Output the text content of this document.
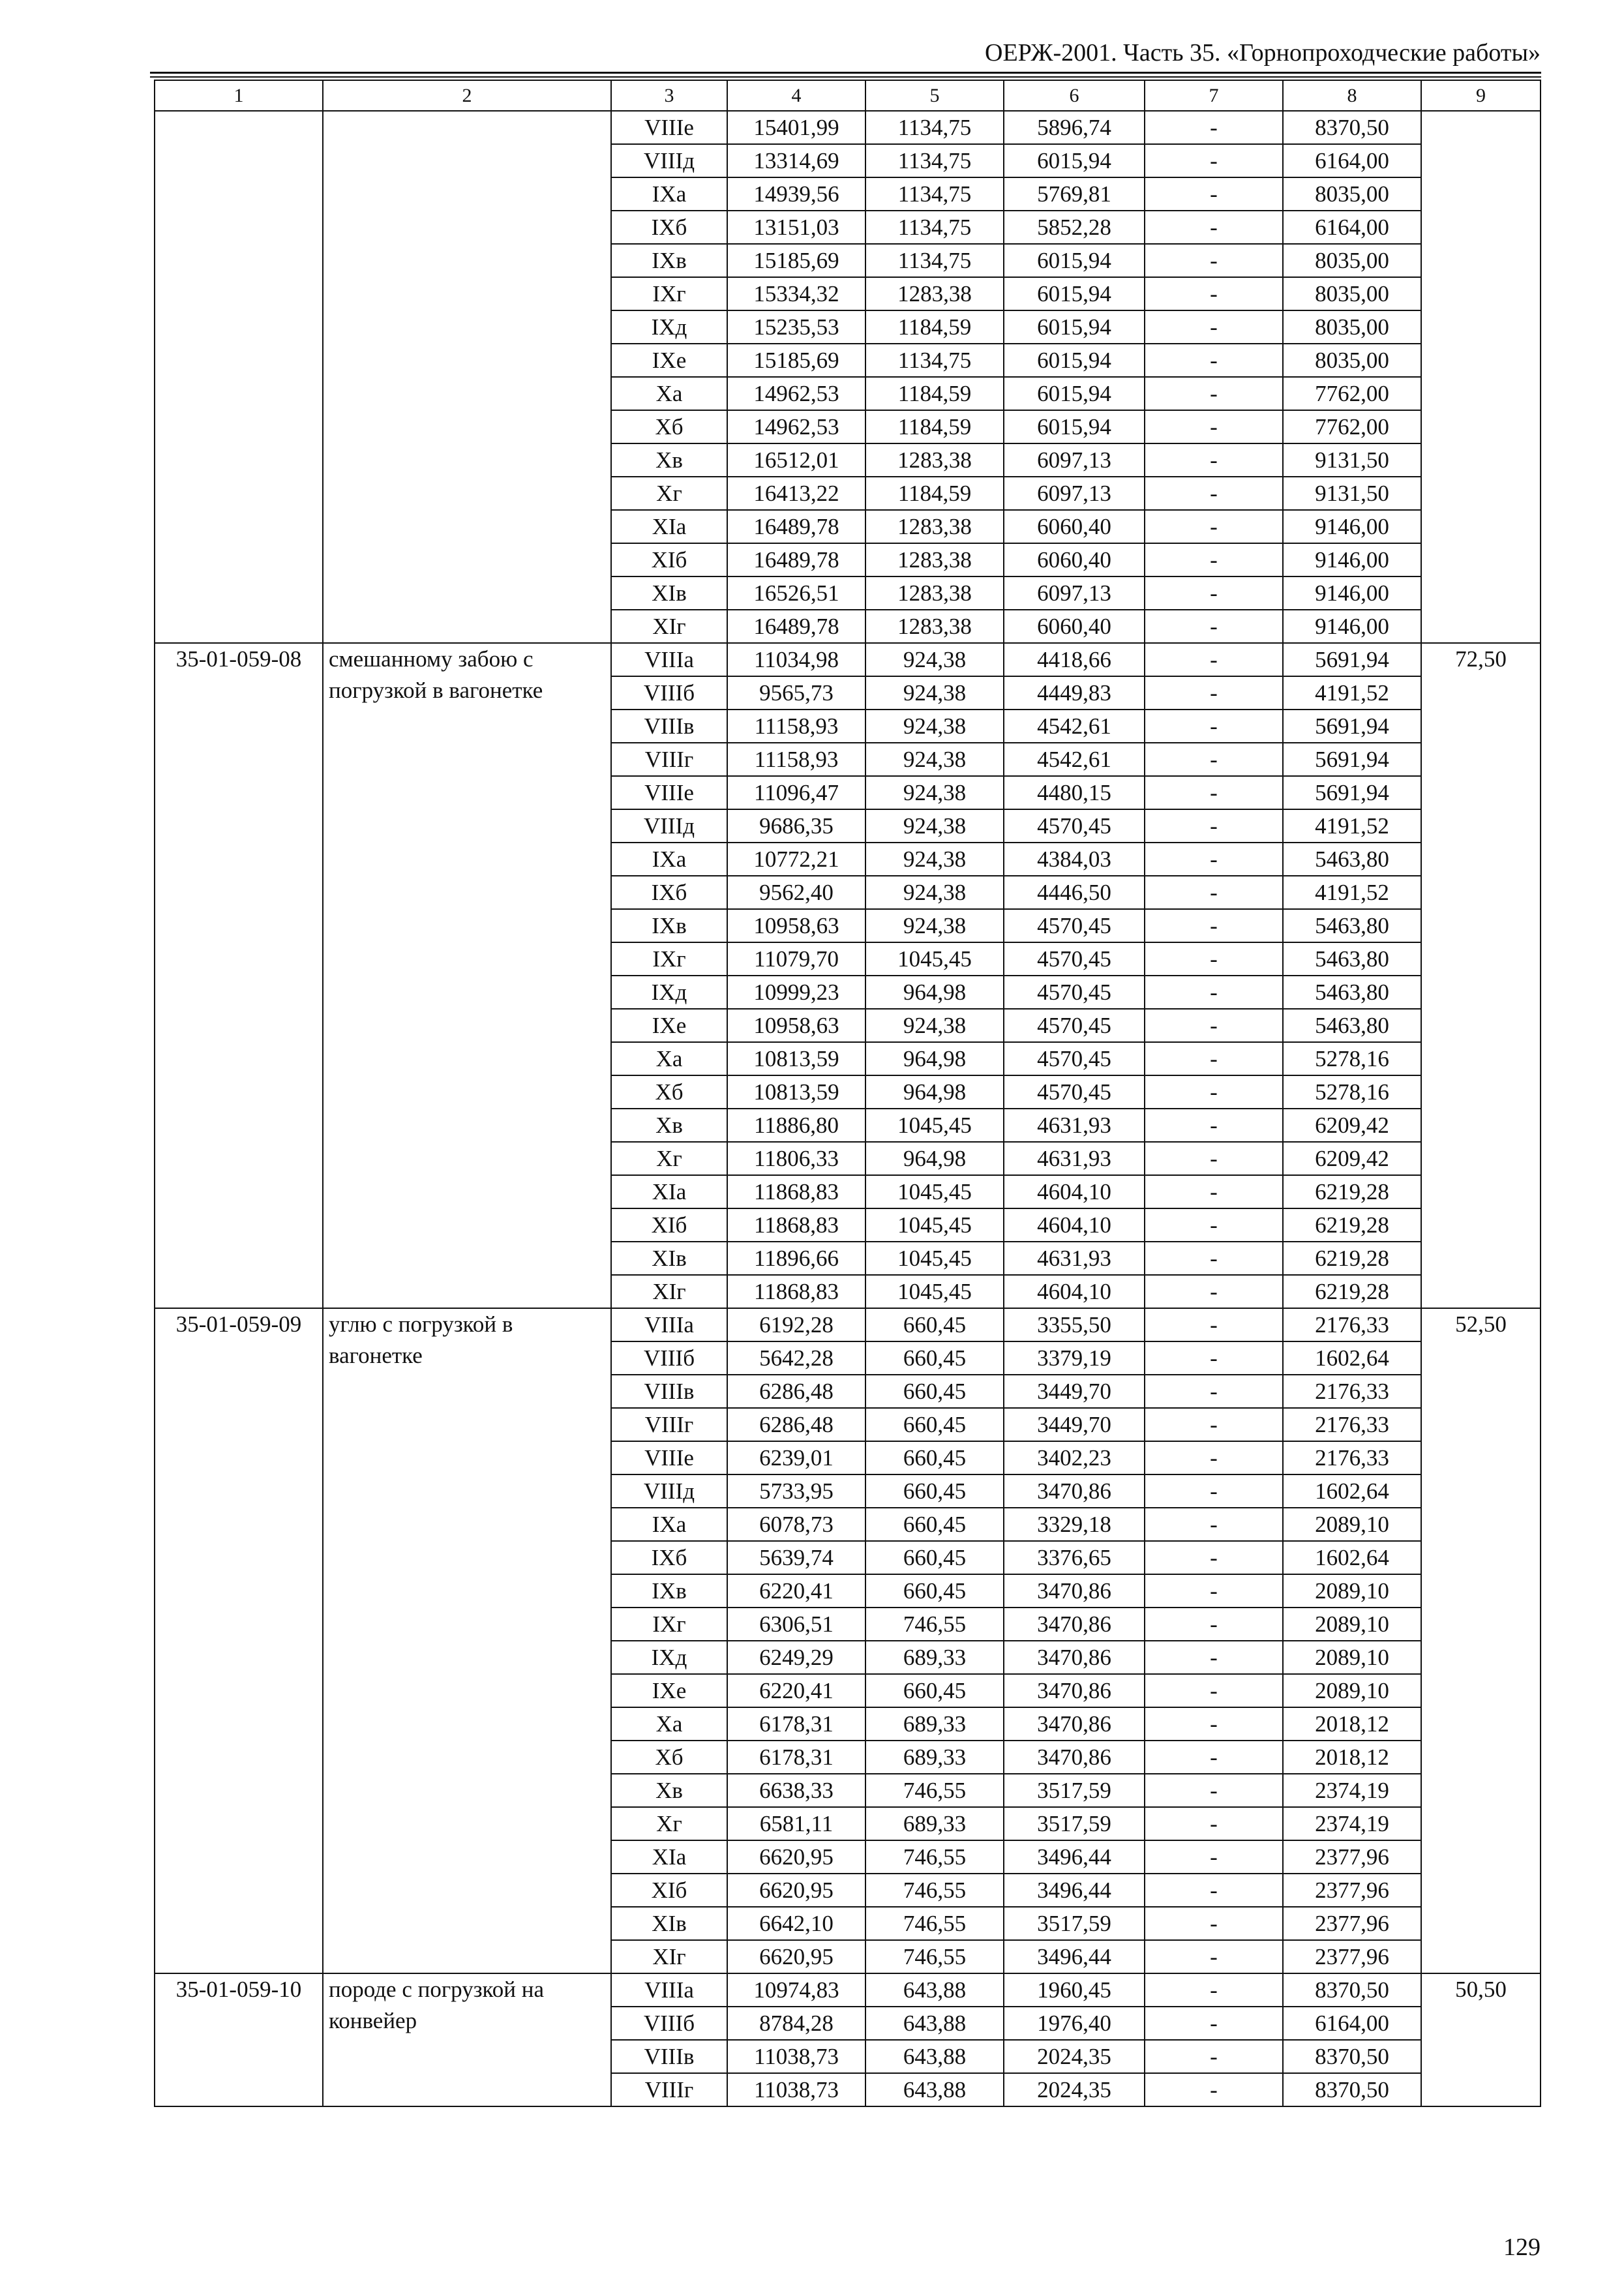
ОЕРЖ-2001. Часть 35. «Горнопроходческие работы»
1	2	3	4	5	6	7	8	9
		VIIIе	15401,99	1134,75	5896,74	-	8370,50	
		VIIIд	13314,69	1134,75	6015,94	-	6164,00	
		IXа	14939,56	1134,75	5769,81	-	8035,00	
		IXб	13151,03	1134,75	5852,28	-	6164,00	
		IXв	15185,69	1134,75	6015,94	-	8035,00	
		IXг	15334,32	1283,38	6015,94	-	8035,00	
		IXд	15235,53	1184,59	6015,94	-	8035,00	
		IXе	15185,69	1134,75	6015,94	-	8035,00	
		Xа	14962,53	1184,59	6015,94	-	7762,00	
		Xб	14962,53	1184,59	6015,94	-	7762,00	
		Xв	16512,01	1283,38	6097,13	-	9131,50	
		Xг	16413,22	1184,59	6097,13	-	9131,50	
		XIа	16489,78	1283,38	6060,40	-	9146,00	
		XIб	16489,78	1283,38	6060,40	-	9146,00	
		XIв	16526,51	1283,38	6097,13	-	9146,00	
		XIг	16489,78	1283,38	6060,40	-	9146,00	
35-01-059-08	смешанному забою с погрузкой в вагонетке	VIIIа	11034,98	924,38	4418,66	-	5691,94	72,50
		VIIIб	9565,73	924,38	4449,83	-	4191,52	
		VIIIв	11158,93	924,38	4542,61	-	5691,94	
		VIIIг	11158,93	924,38	4542,61	-	5691,94	
		VIIIе	11096,47	924,38	4480,15	-	5691,94	
		VIIIд	9686,35	924,38	4570,45	-	4191,52	
		IXа	10772,21	924,38	4384,03	-	5463,80	
		IXб	9562,40	924,38	4446,50	-	4191,52	
		IXв	10958,63	924,38	4570,45	-	5463,80	
		IXг	11079,70	1045,45	4570,45	-	5463,80	
		IXд	10999,23	964,98	4570,45	-	5463,80	
		IXе	10958,63	924,38	4570,45	-	5463,80	
		Xа	10813,59	964,98	4570,45	-	5278,16	
		Xб	10813,59	964,98	4570,45	-	5278,16	
		Xв	11886,80	1045,45	4631,93	-	6209,42	
		Xг	11806,33	964,98	4631,93	-	6209,42	
		XIа	11868,83	1045,45	4604,10	-	6219,28	
		XIб	11868,83	1045,45	4604,10	-	6219,28	
		XIв	11896,66	1045,45	4631,93	-	6219,28	
		XIг	11868,83	1045,45	4604,10	-	6219,28	
35-01-059-09	углю с погрузкой в вагонетке	VIIIа	6192,28	660,45	3355,50	-	2176,33	52,50
		VIIIб	5642,28	660,45	3379,19	-	1602,64	
		VIIIв	6286,48	660,45	3449,70	-	2176,33	
		VIIIг	6286,48	660,45	3449,70	-	2176,33	
		VIIIе	6239,01	660,45	3402,23	-	2176,33	
		VIIIд	5733,95	660,45	3470,86	-	1602,64	
		IXа	6078,73	660,45	3329,18	-	2089,10	
		IXб	5639,74	660,45	3376,65	-	1602,64	
		IXв	6220,41	660,45	3470,86	-	2089,10	
		IXг	6306,51	746,55	3470,86	-	2089,10	
		IXд	6249,29	689,33	3470,86	-	2089,10	
		IXе	6220,41	660,45	3470,86	-	2089,10	
		Xа	6178,31	689,33	3470,86	-	2018,12	
		Xб	6178,31	689,33	3470,86	-	2018,12	
		Xв	6638,33	746,55	3517,59	-	2374,19	
		Xг	6581,11	689,33	3517,59	-	2374,19	
		XIа	6620,95	746,55	3496,44	-	2377,96	
		XIб	6620,95	746,55	3496,44	-	2377,96	
		XIв	6642,10	746,55	3517,59	-	2377,96	
		XIг	6620,95	746,55	3496,44	-	2377,96	
35-01-059-10	породе с погрузкой на конвейер	VIIIа	10974,83	643,88	1960,45	-	8370,50	50,50
		VIIIб	8784,28	643,88	1976,40	-	6164,00	
		VIIIв	11038,73	643,88	2024,35	-	8370,50	
		VIIIг	11038,73	643,88	2024,35	-	8370,50	
129
